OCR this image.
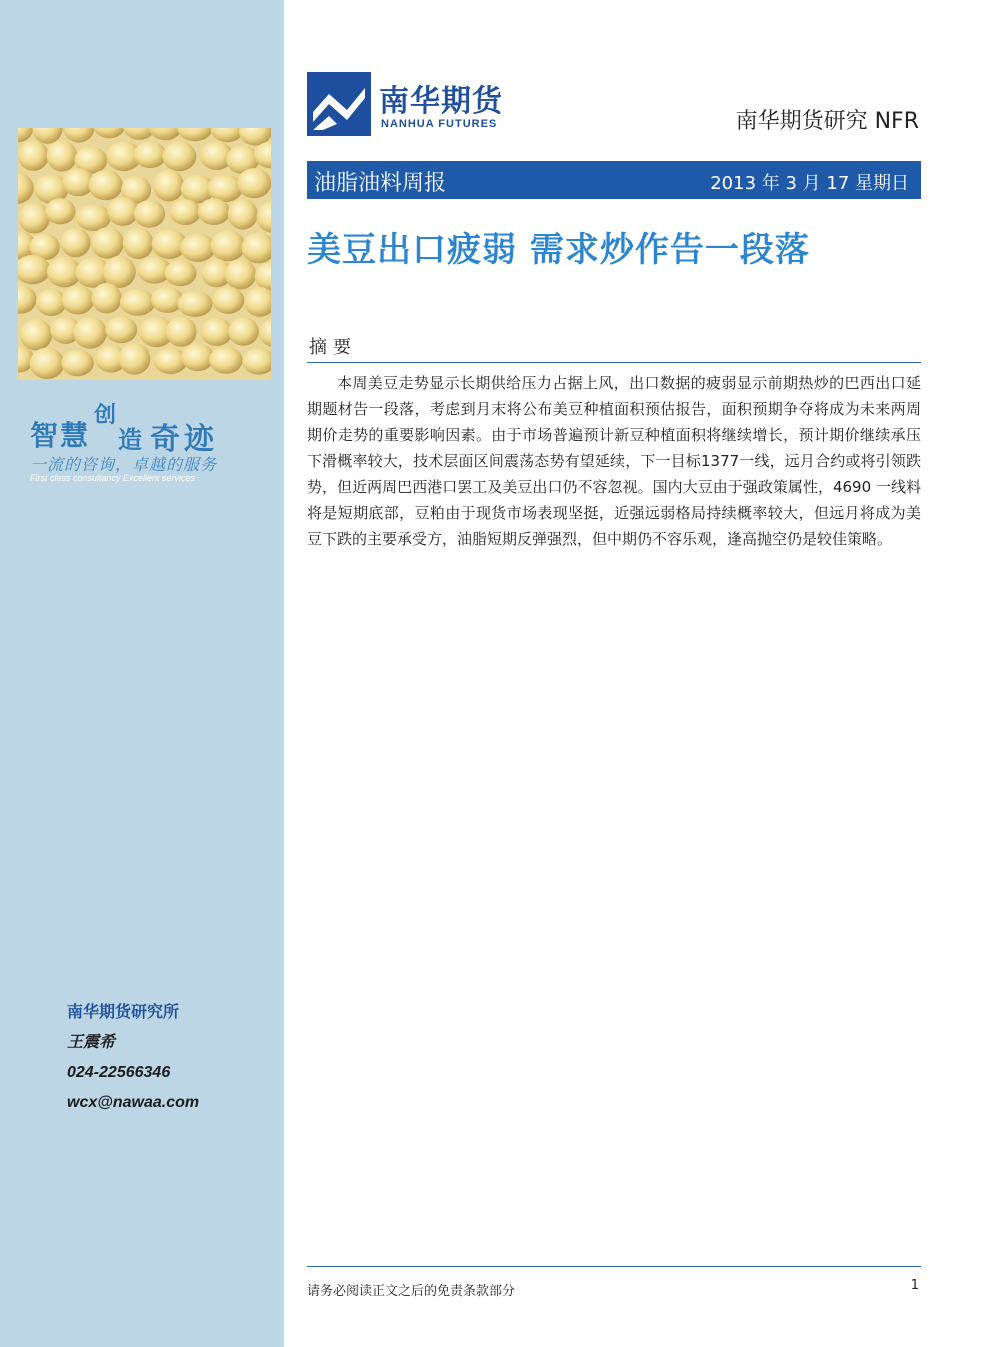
智 慧
创
造 奇 迹
一流的咨询，卓越的服务
First class consultancy Excellent services
南华期货研究所
王震希
024-22566346
wcx@nawaa.com
南华期货
NANHUA FUTURES	南华期货研究 NFR
油脂油料周报	2013 年 3 月 17 星期日
美豆出口疲弱 需求炒作告一段落
摘要

本周美豆走势显示长期供给压力占据上风，出口数据的疲弱显示前期热炒的巴西出口延期题材告一段落，考虑到月末将公布美豆种植面积预估报告，面积预期争夺将成为未来两周期价走势的重要影响因素。由于市场普遍预计新豆种植面积将继续增长，预计期价继续承压下滑概率较大，技术层面区间震荡态势有望延续，下一目标1377一线，远月合约或将引领跌势，但近两周巴西港口罢工及美豆出口仍不容忽视。国内大豆由于强政策属性，4690 一线料将是短期底部，豆粕由于现货市场表现坚挺，近强远弱格局持续概率较大，但远月将成为美豆下跌的主要承受方，油脂短期反弹强烈，但中期仍不容乐观，逢高抛空仍是较佳策略。

请务必阅读正文之后的免责条款部分	1
